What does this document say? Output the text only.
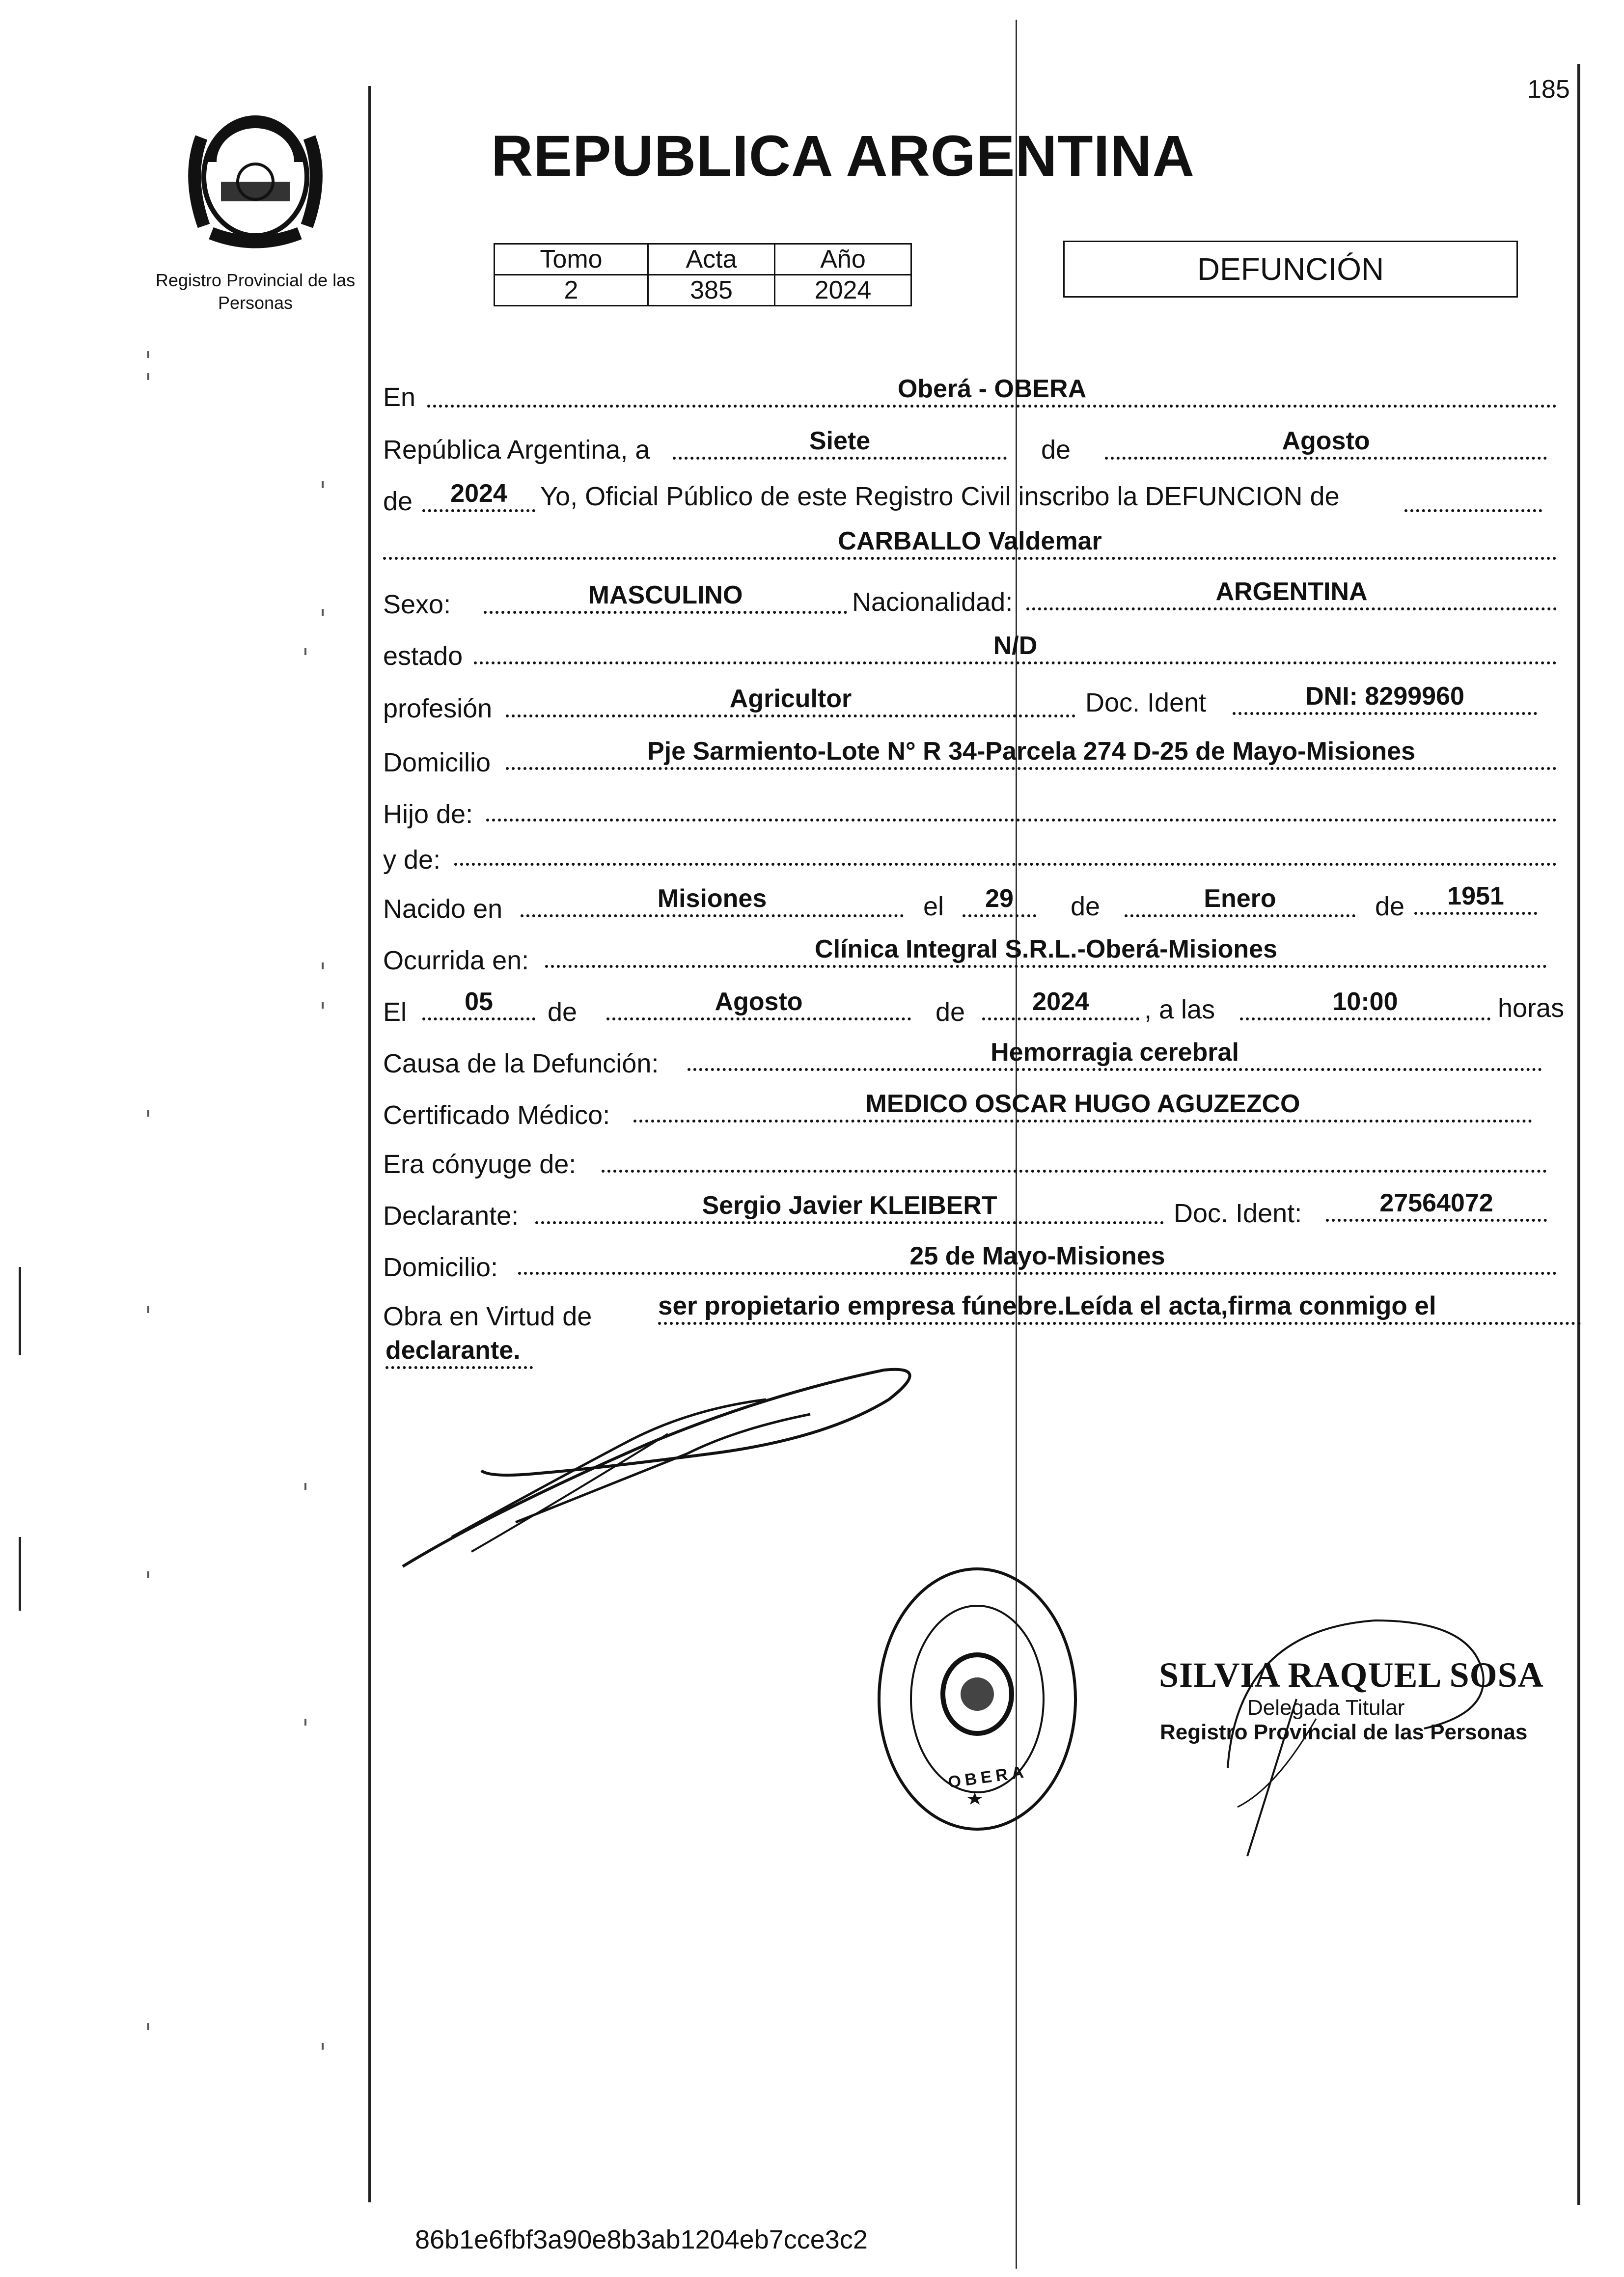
185
Registro Provincial de las Personas
REPUBLICA ARGENTINA
Tomo	Acta	Año
2	385	2024
DEFUNCIÓN
En	Oberá - OBERA
República Argentina, a	Siete	de	Agosto
de	2024	Yo, Oficial Público de este Registro Civil inscribo la DEFUNCION de
CARBALLO Valdemar
Sexo:	MASCULINO	Nacionalidad:	ARGENTINA
estado	N/D
profesión	Agricultor	Doc. Ident	DNI: 8299960
Domicilio	Pje Sarmiento-Lote N° R 34-Parcela 274 D-25 de Mayo-Misiones
Hijo de:
y de:
Nacido en	Misiones	el	29	de	Enero	de	1951
Ocurrida en:	Clínica Integral S.R.L.-Oberá-Misiones
El	05	de	Agosto	de	2024	, a las	10:00	horas
Causa de la Defunción:	Hemorragia cerebral
Certificado Médico:	MEDICO OSCAR HUGO AGUZEZCO
Era cónyuge de:
Declarante:	Sergio Javier KLEIBERT	Doc. Ident:	27564072
Domicilio:	25 de Mayo-Misiones
Obra en Virtud de	ser propietario empresa fúnebre.Leída el acta,firma conmigo el
declarante.
OBERA
SILVIA RAQUEL SOSA
Delegada Titular
Registro Provincial de las Personas
86b1e6fbf3a90e8b3ab1204eb7cce3c2
